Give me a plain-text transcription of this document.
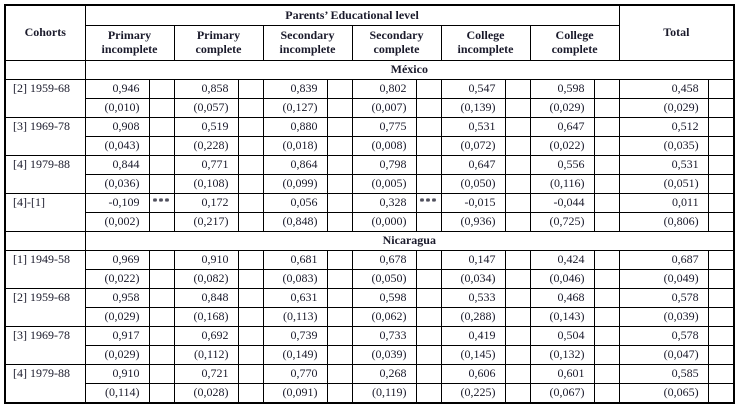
Cohorts	Parents’ Educational level												Total	
	Primary incomplete		Primary complete		Secondary incomplete		Secondary complete		College incomplete		College complete			
	México													
[2] 1959-68	0,946		0,858		0,839		0,802		0,547		0,598		0,458	
	(0,010)		(0,057)		(0,127)		(0,007)		(0,139)		(0,029)		(0,029)	
[3] 1969-78	0,908		0,519		0,880		0,775		0,531		0,647		0,512	
	(0,043)		(0,228)		(0,018)		(0,008)		(0,072)		(0,022)		(0,035)	
[4] 1979-88	0,844		0,771		0,864		0,798		0,647		0,556		0,531	
	(0,036)		(0,108)		(0,099)		(0,005)		(0,050)		(0,116)		(0,051)	
[4]-[1]	-0,109	***	0,172		0,056		0,328	***	-0,015		-0,044		0,011	
	(0,002)		(0,217)		(0,848)		(0,000)		(0,936)		(0,725)		(0,806)	
	Nicaragua													
[1] 1949-58	0,969		0,910		0,681		0,678		0,147		0,424		0,687	
	(0,022)		(0,082)		(0,083)		(0,050)		(0,034)		(0,046)		(0,049)	
[2] 1959-68	0,958		0,848		0,631		0,598		0,533		0,468		0,578	
	(0,029)		(0,168)		(0,113)		(0,062)		(0,288)		(0,143)		(0,039)	
[3] 1969-78	0,917		0,692		0,739		0,733		0,419		0,504		0,578	
	(0,029)		(0,112)		(0,149)		(0,039)		(0,145)		(0,132)		(0,047)	
[4] 1979-88	0,910		0,721		0,770		0,268		0,606		0,601		0,585	
	(0,114)		(0,028)		(0,091)		(0,119)		(0,225)		(0,067)		(0,065)	
